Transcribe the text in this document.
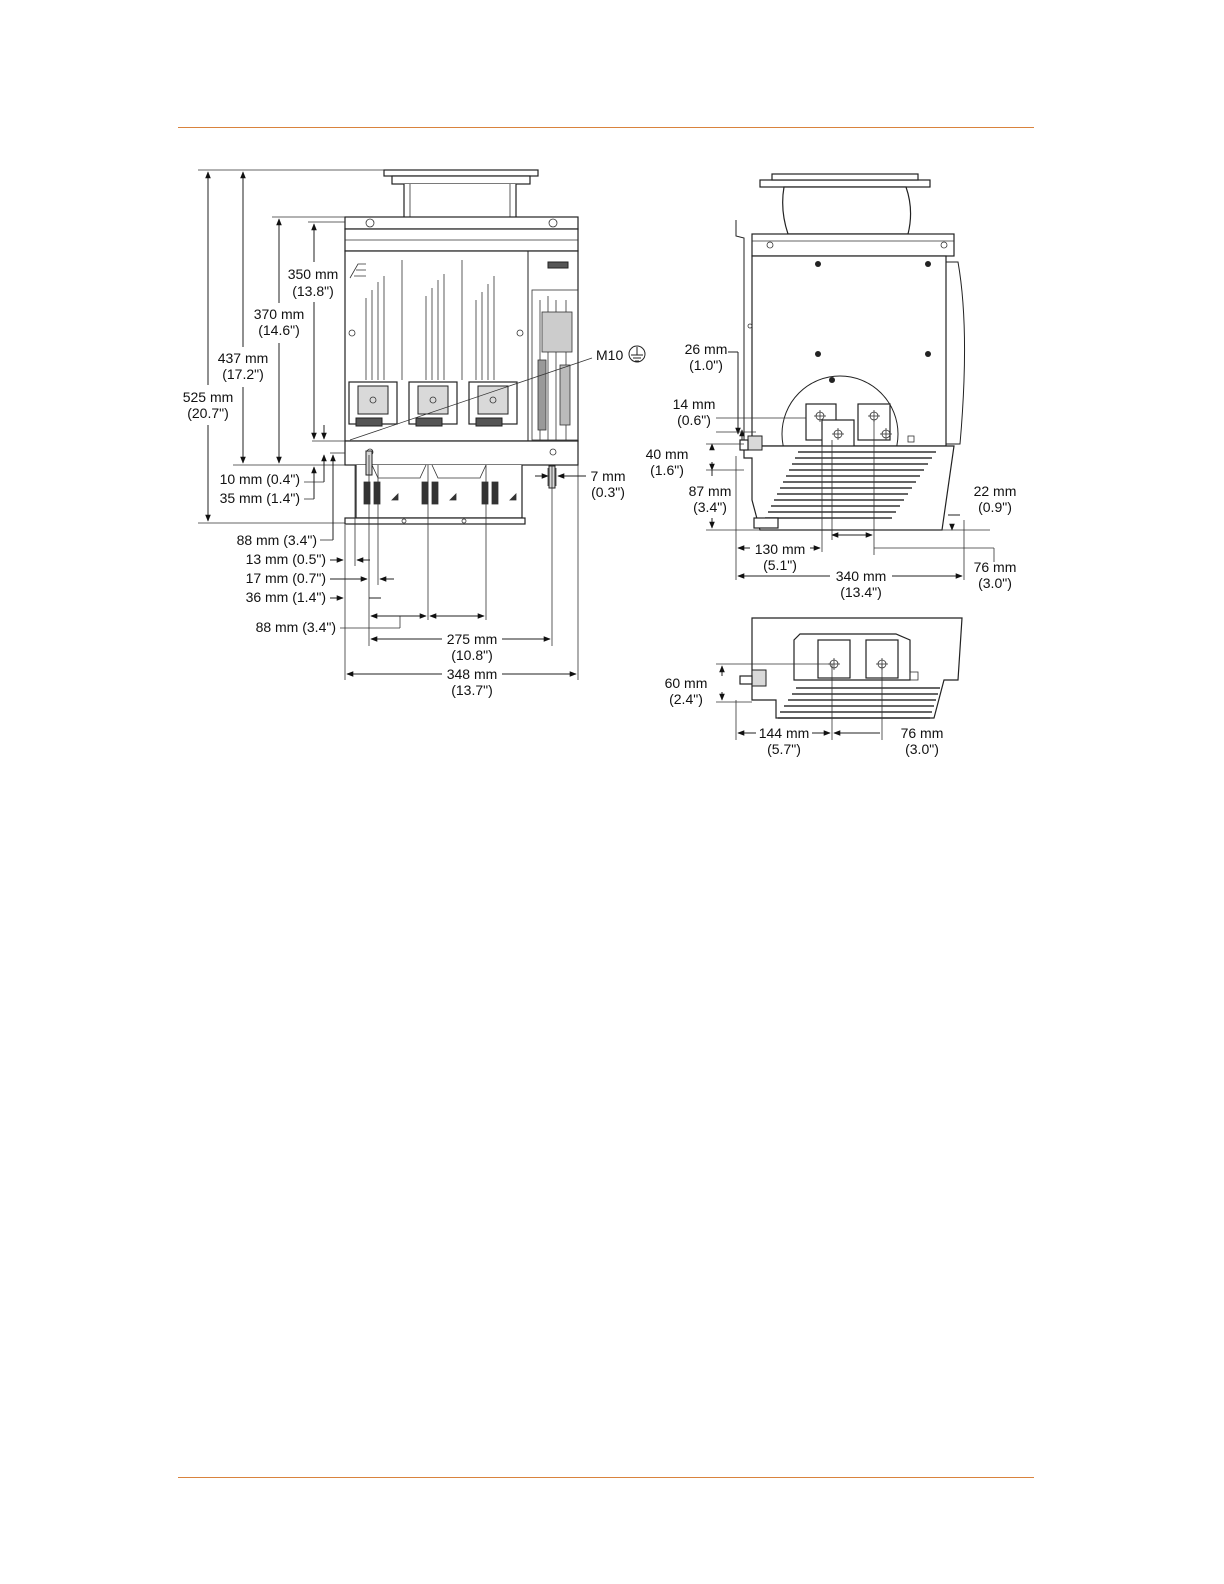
350 mm
(13.8")
370 mm
(14.6")
437 mm
(17.2")
525 mm
(20.7")
10 mm (0.4")
35 mm (1.4")
88 mm (3.4")
13 mm (0.5")
17 mm (0.7")
36 mm (1.4")
88 mm (3.4")
275 mm
(10.8")
348 mm
(13.7")
7 mm
(0.3")
M10	26 mm
(1.0")
14 mm
(0.6")
40 mm
(1.6")
87 mm
(3.4")
22 mm
(0.9")
130 mm
(5.1")
340 mm
(13.4")
76 mm
(3.0")
60 mm
(2.4")
144 mm
(5.7")
76 mm
(3.0")
